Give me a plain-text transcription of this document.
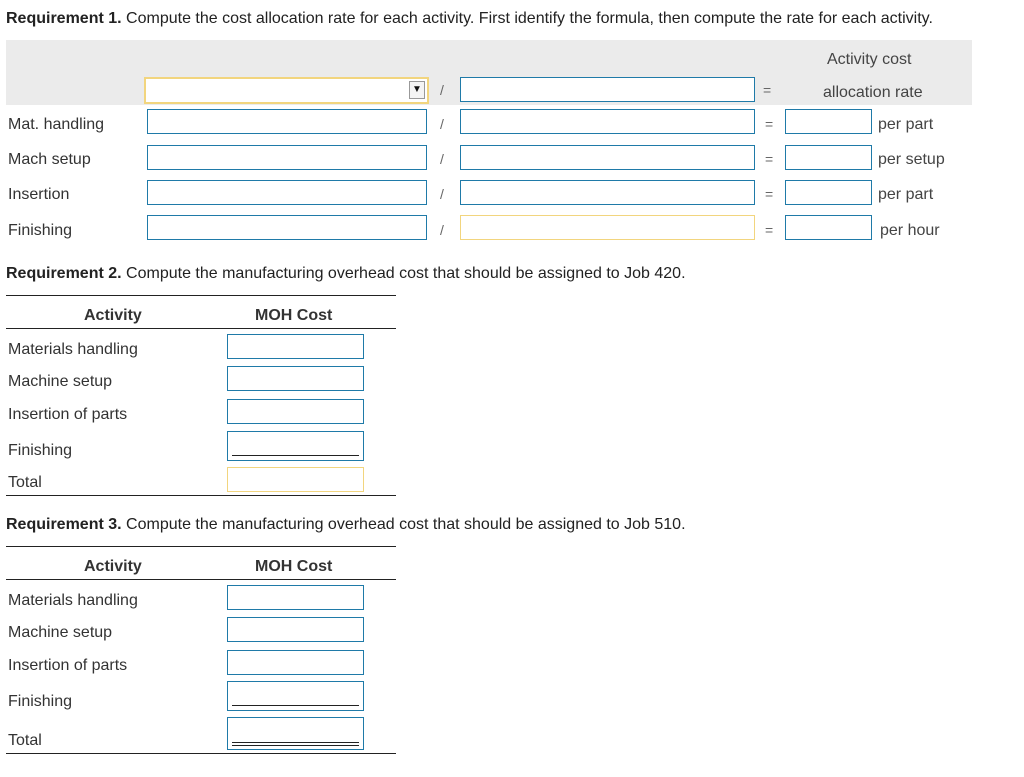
Requirement 1. Compute the cost allocation rate for each activity. First identify the formula, then compute the rate for each activity.
Activity cost
allocation rate
▼ /	=
Mat. handling	/	=	per part
Mach setup	/	=	per setup
Insertion	/	=	per part
Finishing	/	=	per hour
Requirement 2. Compute the manufacturing overhead cost that should be assigned to Job 420.
Activity	MOH Cost
Materials handling
Machine setup
Insertion of parts
Finishing
Total
Requirement 3. Compute the manufacturing overhead cost that should be assigned to Job 510.
Activity	MOH Cost
Materials handling
Machine setup
Insertion of parts
Finishing
Total
